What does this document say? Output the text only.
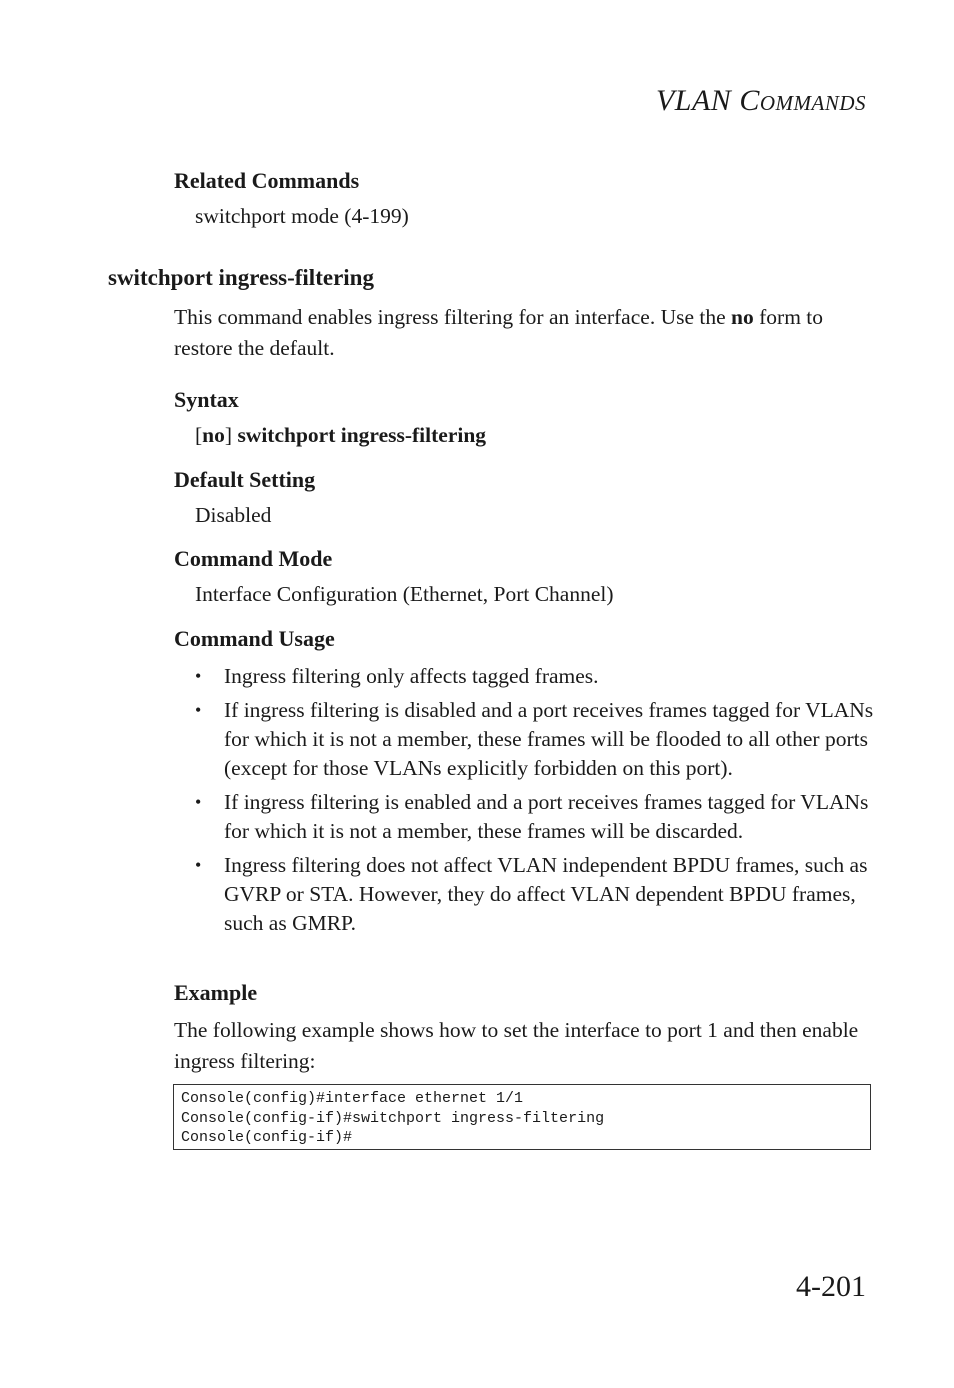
VLAN Commands
Related Commands
switchport mode (4-199)
switchport ingress-filtering
This command enables ingress filtering for an interface. Use the no form to restore the default.
Syntax
[no] switchport ingress-filtering
Default Setting
Disabled
Command Mode
Interface Configuration (Ethernet, Port Channel)
Command Usage
• Ingress filtering only affects tagged frames.
• If ingress filtering is disabled and a port receives frames tagged for VLANs for which it is not a member, these frames will be flooded to all other ports (except for those VLANs explicitly forbidden on this port).
• If ingress filtering is enabled and a port receives frames tagged for VLANs for which it is not a member, these frames will be discarded.
• Ingress filtering does not affect VLAN independent BPDU frames, such as GVRP or STA. However, they do affect VLAN dependent BPDU frames, such as GMRP.
Example
The following example shows how to set the interface to port 1 and then enable ingress filtering:
Console(config)#interface ethernet 1/1
Console(config-if)#switchport ingress-filtering
Console(config-if)#
4-201
